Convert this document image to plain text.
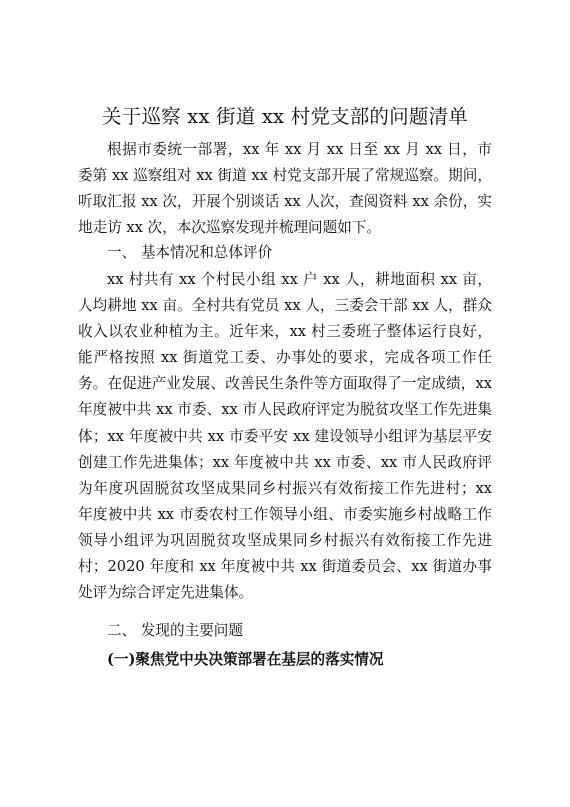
关于巡察 xx 街道 xx 村党支部的问题清单

根据市委统一部署，xx 年 xx 月 xx 日至 xx 月 xx 日，市委第 xx 巡察组对 xx 街道 xx 村党支部开展了常规巡察。期间，听取汇报 xx 次，开展个别谈话 xx 人次，查阅资料 xx 余份，实地走访 xx 次，本次巡察发现并梳理问题如下。

一、 基本情况和总体评价

xx 村共有 xx 个村民小组 xx 户 xx 人，耕地面积 xx 亩，人均耕地 xx 亩。全村共有党员 xx 人，三委会干部 xx 人，群众收入以农业种植为主。近年来，xx 村三委班子整体运行良好，能严格按照 xx 街道党工委、办事处的要求，完成各项工作任务。在促进产业发展、改善民生条件等方面取得了一定成绩，xx 年度被中共 xx 市委、xx 市人民政府评定为脱贫攻坚工作先进集体；xx 年度被中共 xx 市委平安 xx 建设领导小组评为基层平安创建工作先进集体；xx 年度被中共 xx 市委、xx 市人民政府评为年度巩固脱贫攻坚成果同乡村振兴有效衔接工作先进村；xx 年度被中共 xx 市委农村工作领导小组、市委实施乡村战略工作领导小组评为巩固脱贫攻坚成果同乡村振兴有效衔接工作先进村；2020 年度和 xx 年度被中共 xx 街道委员会、xx 街道办事处评为综合评定先进集体。

二、 发现的主要问题
(一)聚焦党中央决策部署在基层的落实情况
